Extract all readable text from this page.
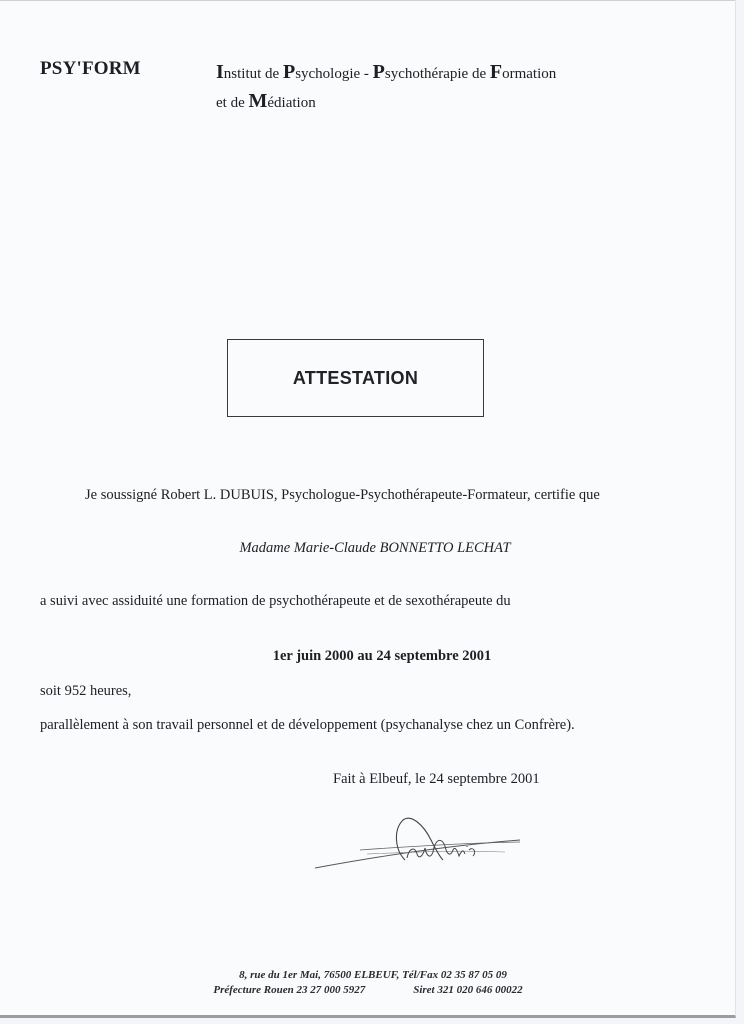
PSY'FORM	Institut de Psychologie - Psychothérapie de Formation
et de Médiation
ATTESTATION
Je soussigné Robert L. DUBUIS, Psychologue-Psychothérapeute-Formateur, certifie que
Madame Marie-Claude BONNETTO LECHAT
a suivi avec assiduité une formation de psychothérapeute et de sexothérapeute du
1er juin 2000 au 24 septembre 2001
soit 952 heures,
parallèlement à son travail personnel et de développement (psychanalyse chez un Confrère).
Fait à Elbeuf, le 24 septembre 2001
8, rue du 1er Mai, 76500 ELBEUF, Tél/Fax 02 35 87 05 09
Préfecture Rouen 23 27 000 5927	Siret 321 020 646 00022
